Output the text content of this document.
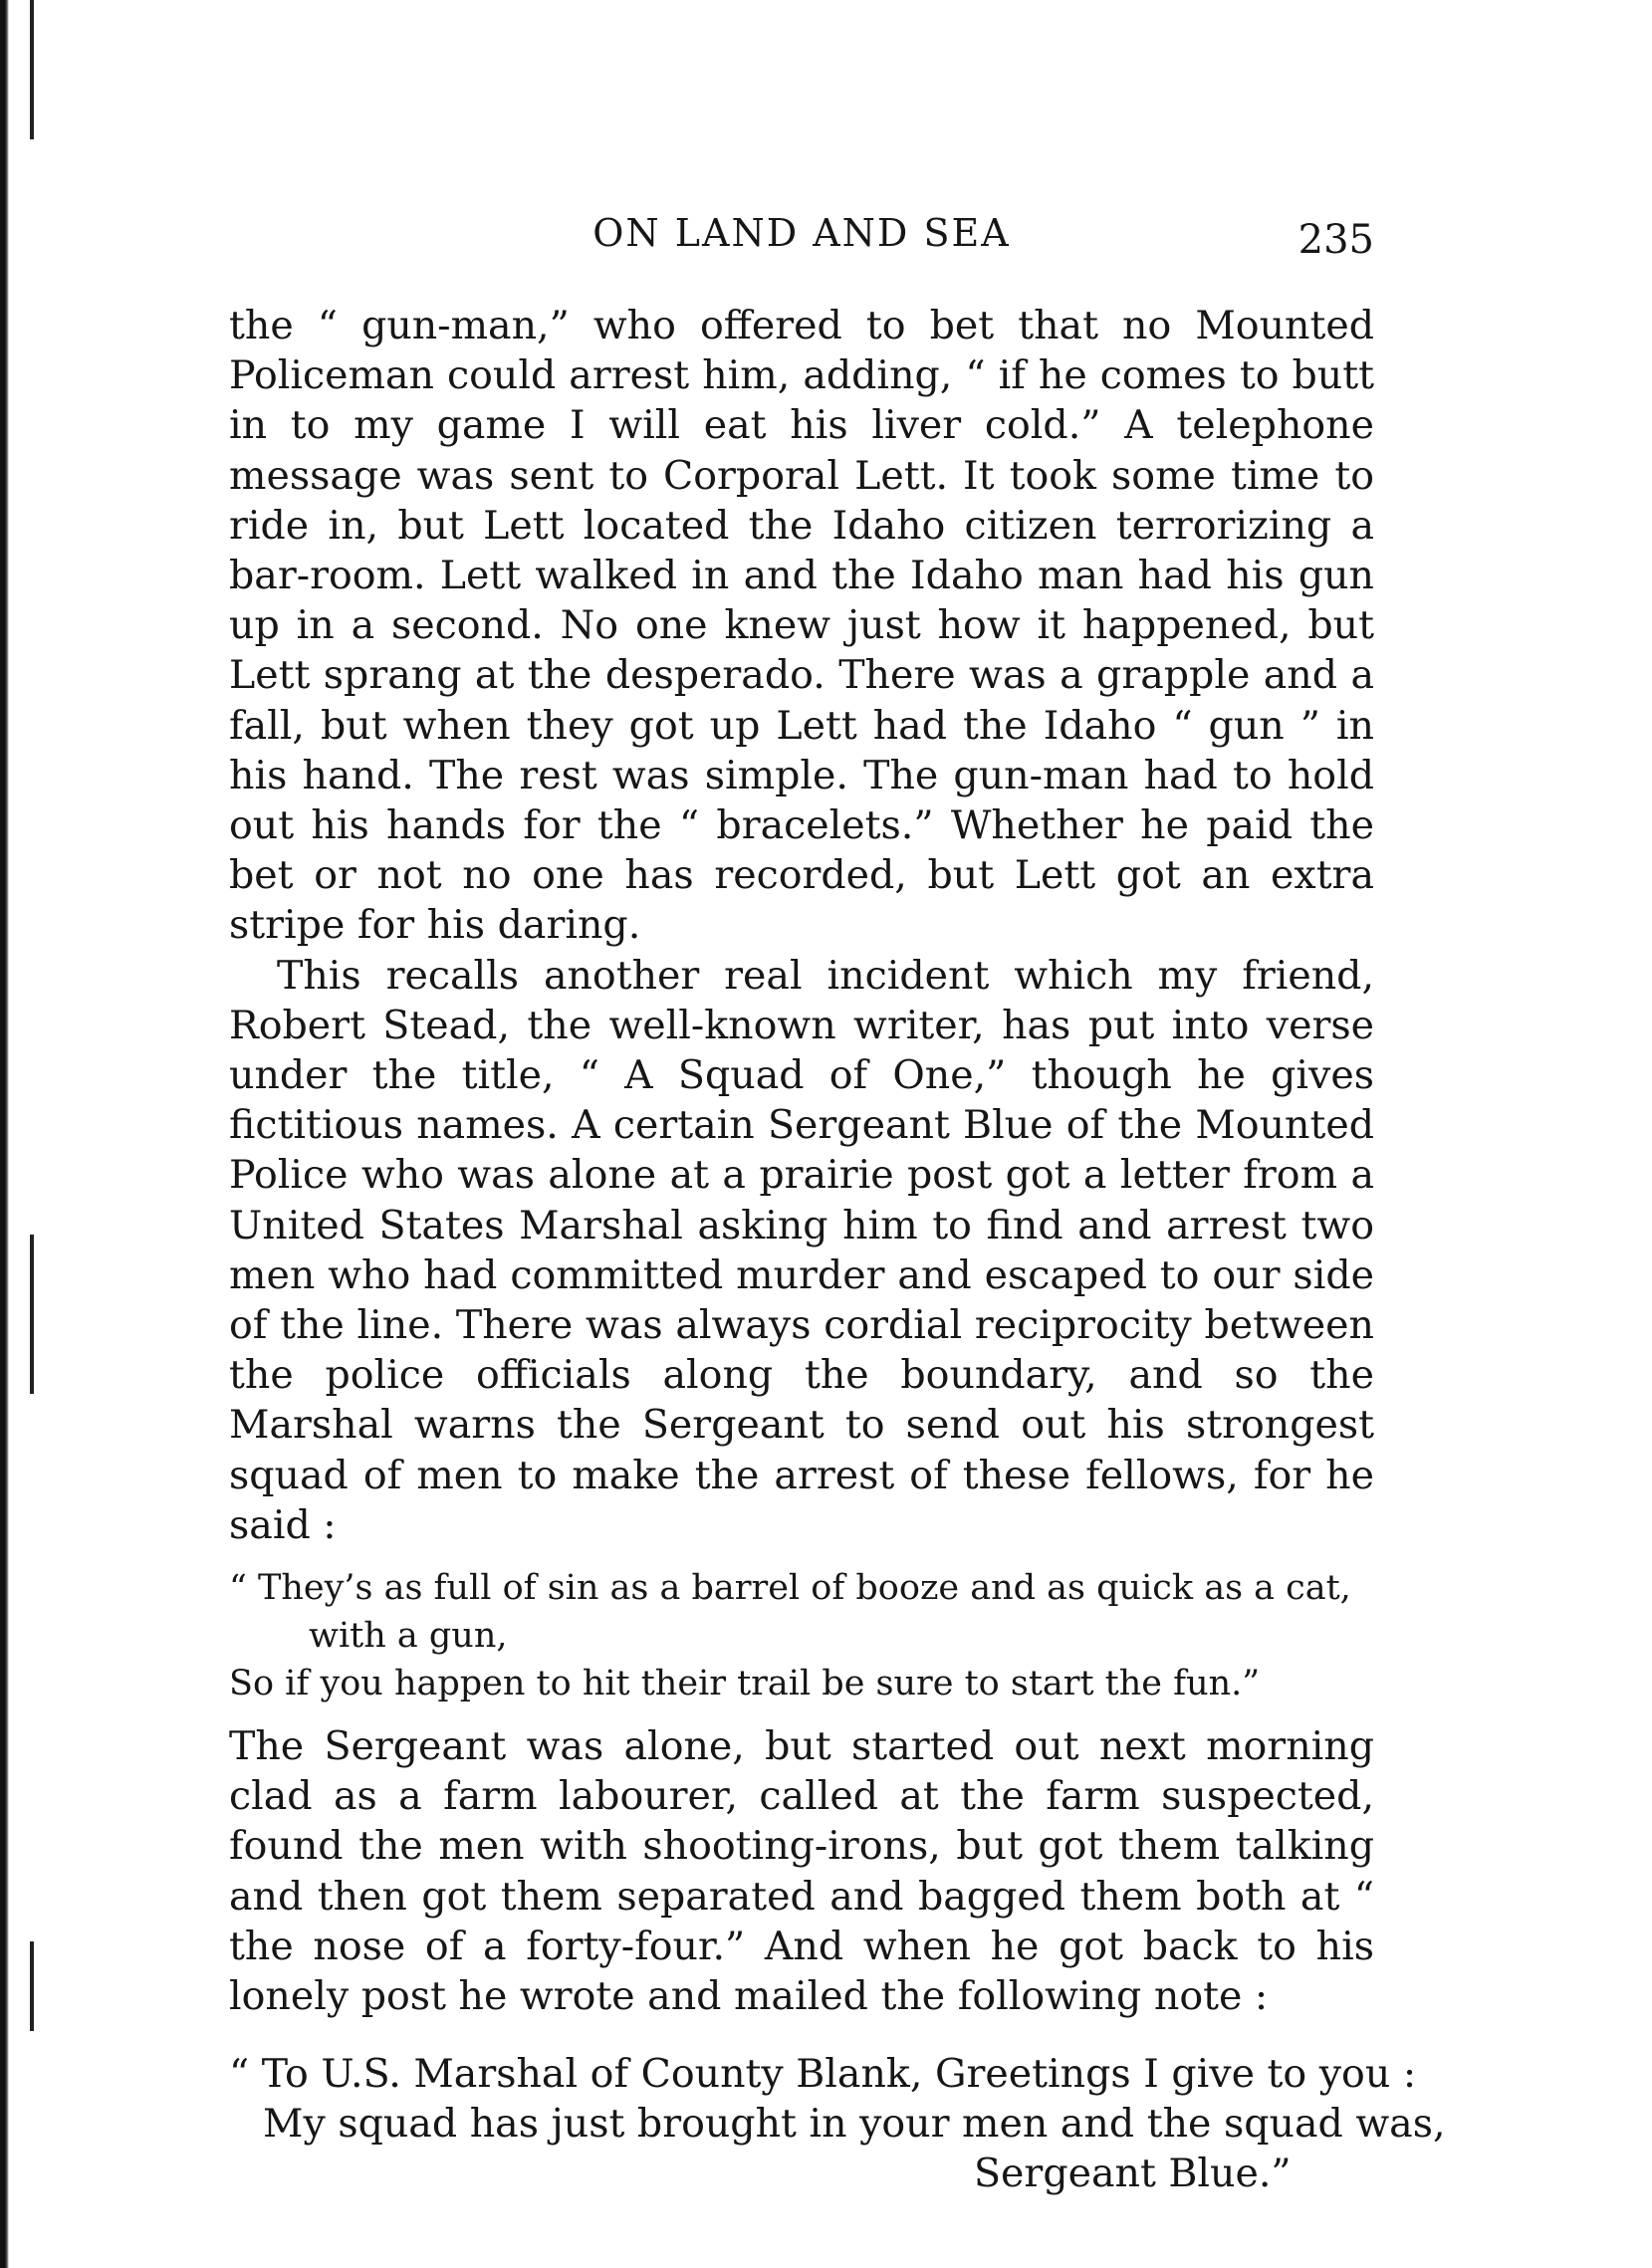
ON LAND AND SEA	235

the “ gun-man,” who offered to bet that no Mounted Policeman could arrest him, adding, “ if he comes to butt in to my game I will eat his liver cold.” A telephone message was sent to Corporal Lett. It took some time to ride in, but Lett located the Idaho citizen terrorizing a bar-room. Lett walked in and the Idaho man had his gun up in a second. No one knew just how it happened, but Lett sprang at the desperado. There was a grapple and a fall, but when they got up Lett had the Idaho “ gun ” in his hand. The rest was simple. The gun-man had to hold out his hands for the “ bracelets.” Whether he paid the bet or not no one has recorded, but Lett got an extra stripe for his daring.

This recalls another real incident which my friend, Robert Stead, the well-known writer, has put into verse under the title, “ A Squad of One,” though he gives fictitious names. A certain Sergeant Blue of the Mounted Police who was alone at a prairie post got a letter from a United States Marshal asking him to find and arrest two men who had committed murder and escaped to our side of the line. There was always cordial reciprocity between the police officials along the boundary, and so the Marshal warns the Sergeant to send out his strongest squad of men to make the arrest of these fellows, for he said :

“ They’s as full of sin as a barrel of booze and as quick as a cat,
with a gun,
So if you happen to hit their trail be sure to start the fun.”

The Sergeant was alone, but started out next morning clad as a farm labourer, called at the farm suspected, found the men with shooting-irons, but got them talking and then got them separated and bagged them both at “ the nose of a forty-four.” And when he got back to his lonely post he wrote and mailed the following note :

“ To U.S. Marshal of County Blank, Greetings I give to you :
My squad has just brought in your men and the squad was,
Sergeant Blue.”
